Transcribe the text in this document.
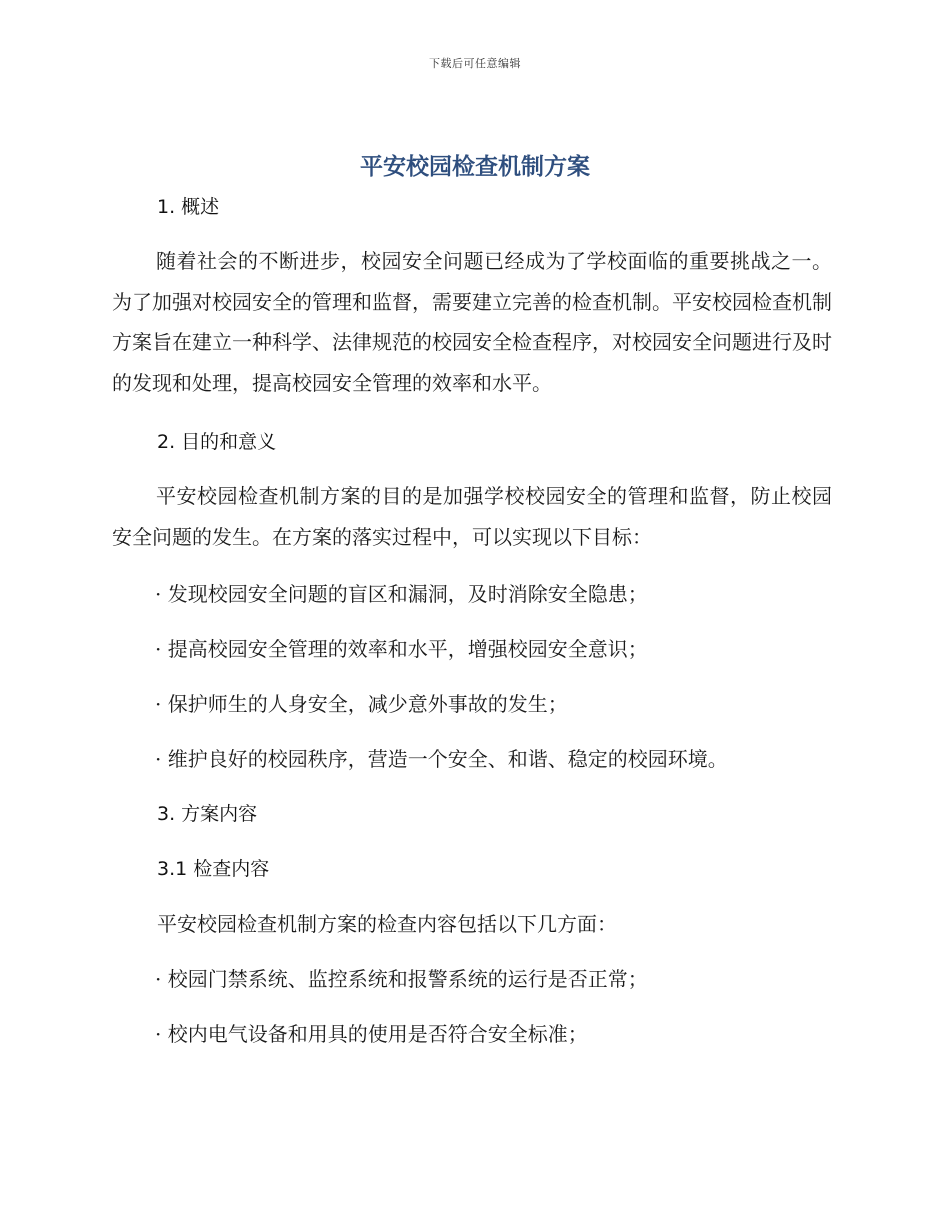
下载后可任意编辑
平安校园检查机制方案
1. 概述

随着社会的不断进步，校园安全问题已经成为了学校面临的重要挑战之一。为了加强对校园安全的管理和监督，需要建立完善的检查机制。平安校园检查机制方案旨在建立一种科学、法律规范的校园安全检查程序，对校园安全问题进行及时的发现和处理，提高校园安全管理的效率和水平。

2. 目的和意义

平安校园检查机制方案的目的是加强学校校园安全的管理和监督，防止校园安全问题的发生。在方案的落实过程中，可以实现以下目标：

· 发现校园安全问题的盲区和漏洞，及时消除安全隐患；
· 提高校园安全管理的效率和水平，增强校园安全意识；
· 保护师生的人身安全，减少意外事故的发生；
· 维护良好的校园秩序，营造一个安全、和谐、稳定的校园环境。
3. 方案内容
3.1 检查内容
平安校园检查机制方案的检查内容包括以下几方面：
· 校园门禁系统、监控系统和报警系统的运行是否正常；
· 校内电气设备和用具的使用是否符合安全标准；
